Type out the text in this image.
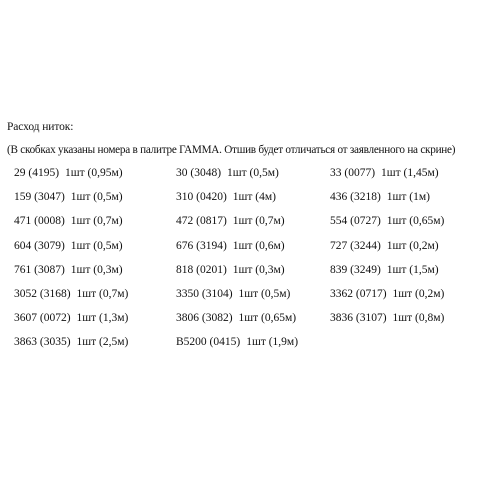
Расход ниток:
(В скобках указаны номера в палитре ГАММА. Отшив будет отличаться от заявленного на скрине)
29 (4195) 1шт (0,95м)	30 (3048) 1шт (0,5м)	33 (0077) 1шт (1,45м)
159 (3047) 1шт (0,5м)	310 (0420) 1шт (4м)	436 (3218) 1шт (1м)
471 (0008) 1шт (0,7м)	472 (0817) 1шт (0,7м)	554 (0727) 1шт (0,65м)
604 (3079) 1шт (0,5м)	676 (3194) 1шт (0,6м)	727 (3244) 1шт (0,2м)
761 (3087) 1шт (0,3м)	818 (0201) 1шт (0,3м)	839 (3249) 1шт (1,5м)
3052 (3168) 1шт (0,7м)	3350 (3104) 1шт (0,5м)	3362 (0717) 1шт (0,2м)
3607 (0072) 1шт (1,3м)	3806 (3082) 1шт (0,65м)	3836 (3107) 1шт (0,8м)
3863 (3035) 1шт (2,5м)	B5200 (0415) 1шт (1,9м)
